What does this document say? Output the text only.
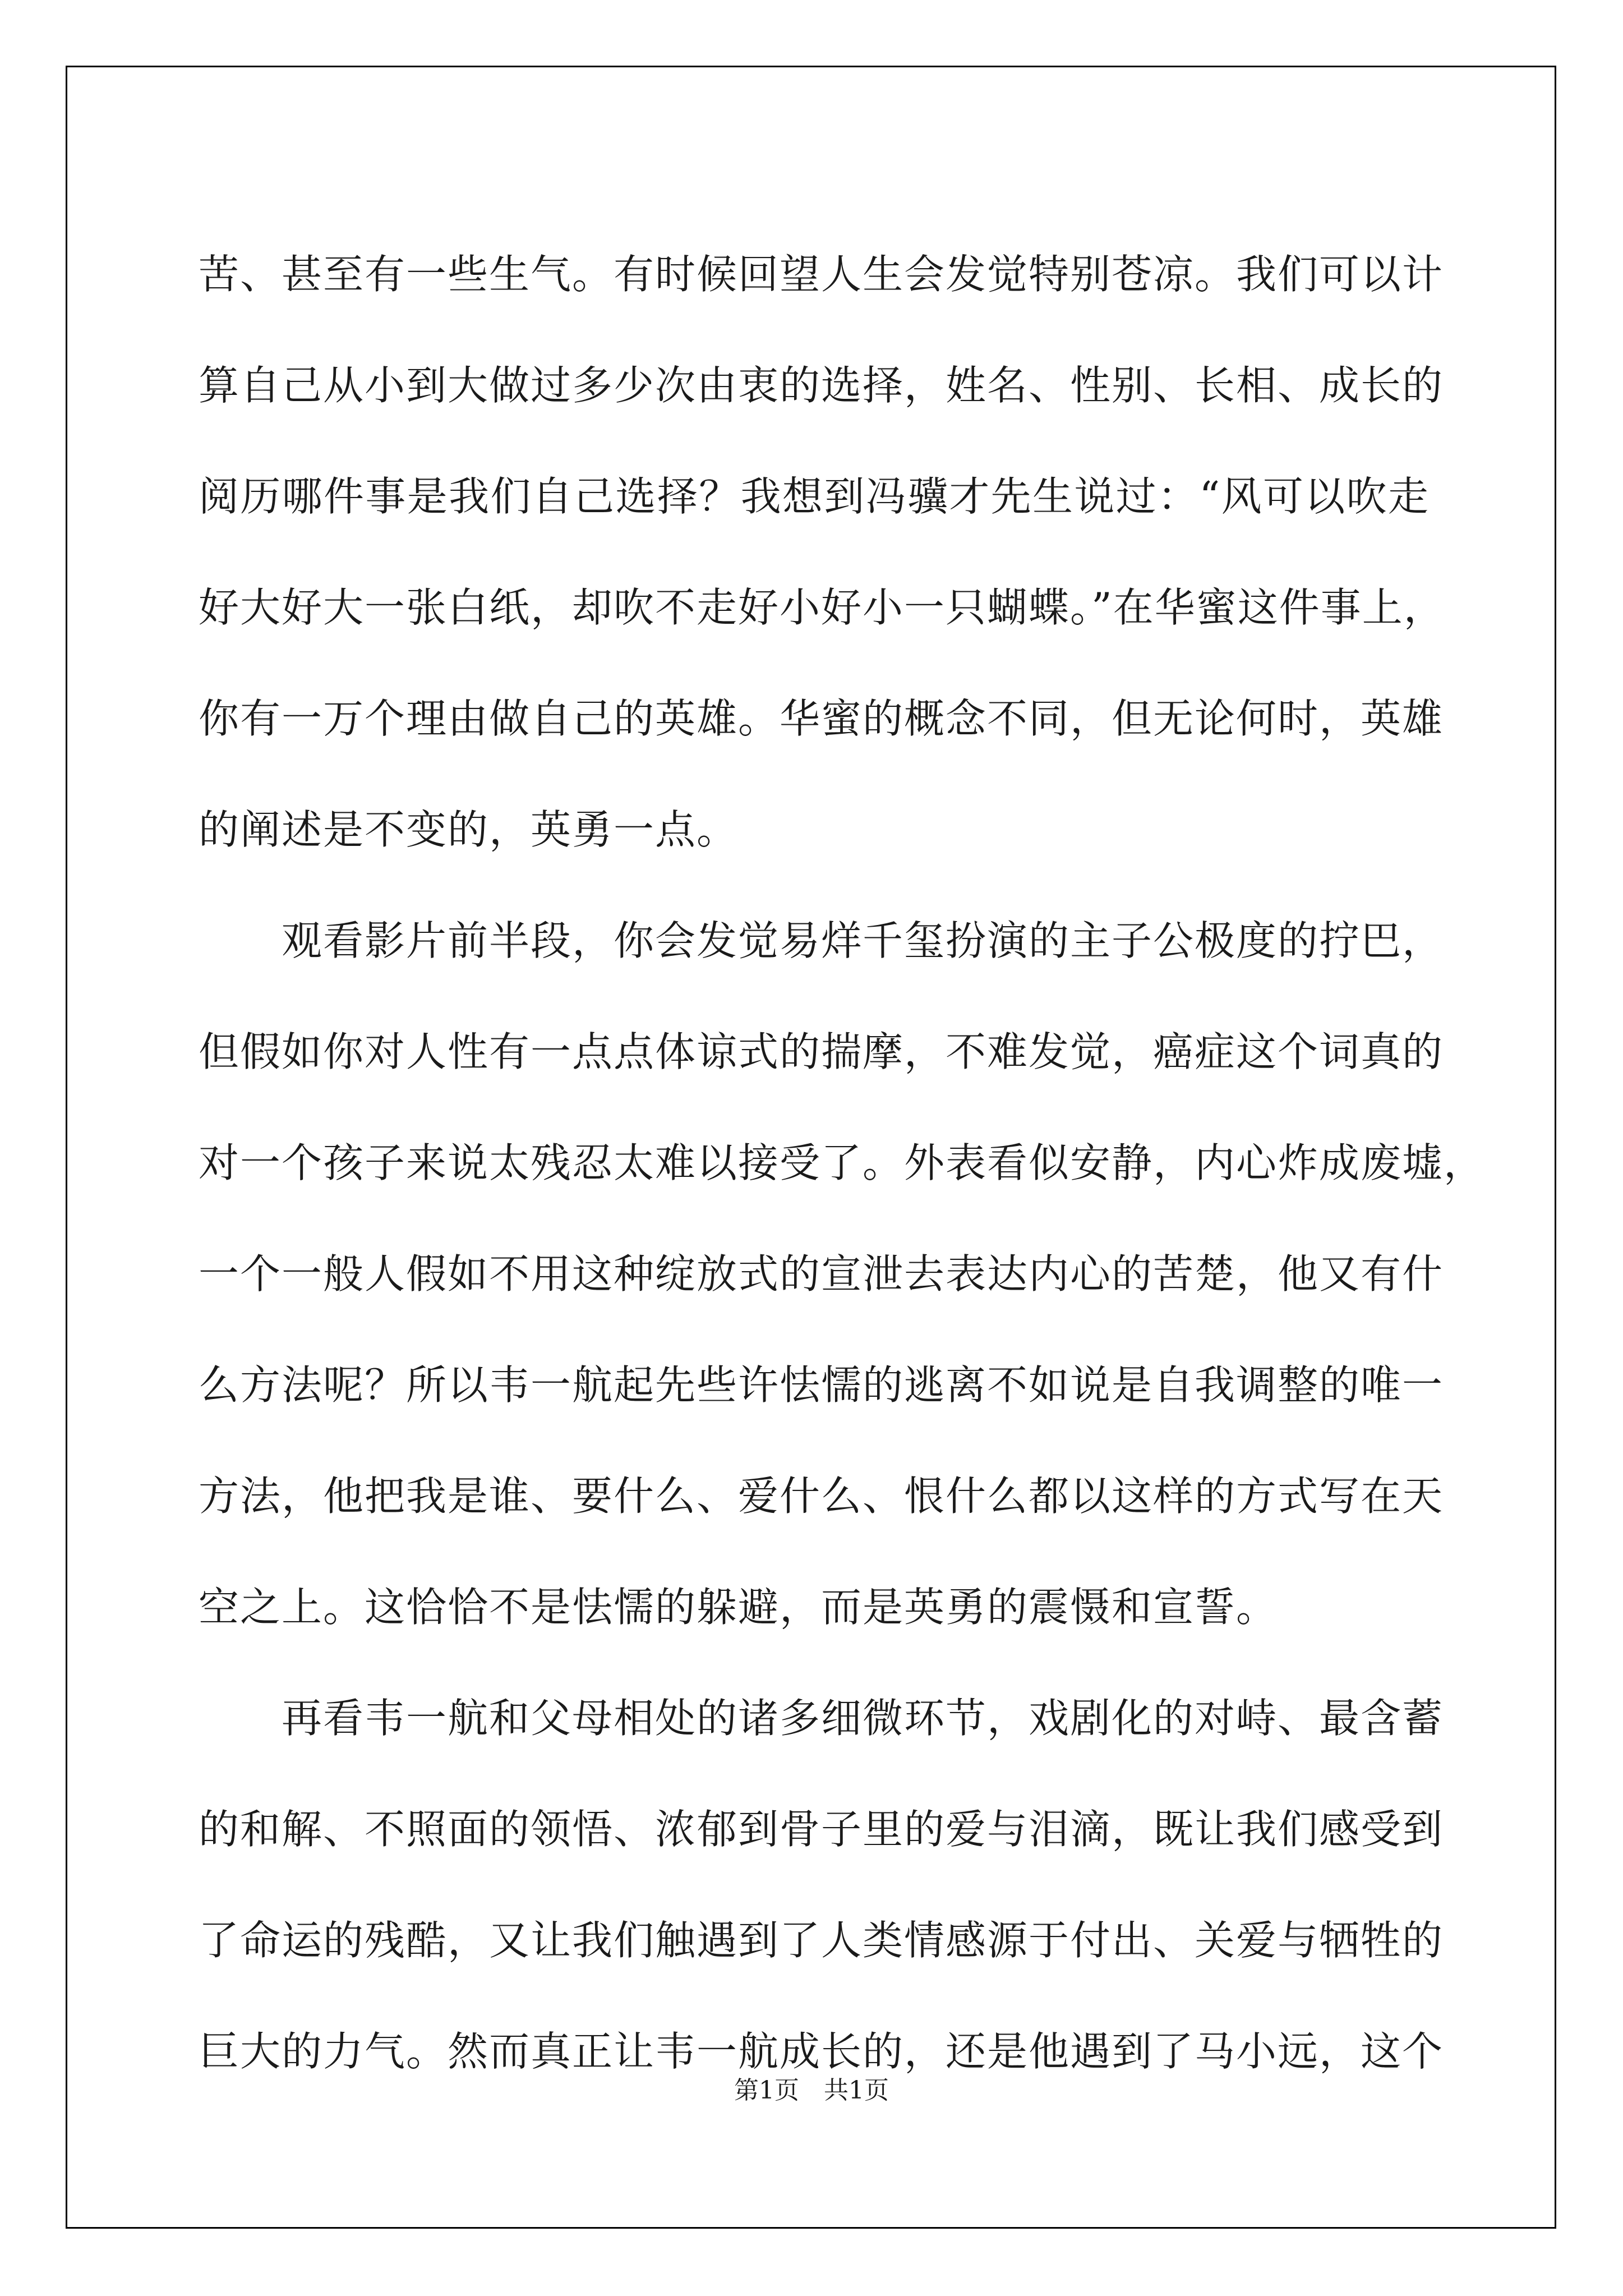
苦、甚至有一些生气。有时候回望人生会发觉特别苍凉。我们可以计
算自己从小到大做过多少次由衷的选择，姓名、性别、长相、成长的
阅历哪件事是我们自己选择？我想到冯骥才先生说过：“风可以吹走
好大好大一张白纸，却吹不走好小好小一只蝴蝶。”在华蜜这件事上，
你有一万个理由做自己的英雄。华蜜的概念不同，但无论何时，英雄
的阐述是不变的，英勇一点。
　　观看影片前半段，你会发觉易烊千玺扮演的主子公极度的拧巴，
但假如你对人性有一点点体谅式的揣摩，不难发觉，癌症这个词真的
对一个孩子来说太残忍太难以接受了。外表看似安静，内心炸成废墟，
一个一般人假如不用这种绽放式的宣泄去表达内心的苦楚，他又有什
么方法呢？所以韦一航起先些许怯懦的逃离不如说是自我调整的唯一
方法，他把我是谁、要什么、爱什么、恨什么都以这样的方式写在天
空之上。这恰恰不是怯懦的躲避，而是英勇的震慑和宣誓。
　　再看韦一航和父母相处的诸多细微环节，戏剧化的对峙、最含蓄
的和解、不照面的领悟、浓郁到骨子里的爱与泪滴，既让我们感受到
了命运的残酷，又让我们触遇到了人类情感源于付出、关爱与牺牲的
巨大的力气。然而真正让韦一航成长的，还是他遇到了马小远，这个
第1页　共1页
